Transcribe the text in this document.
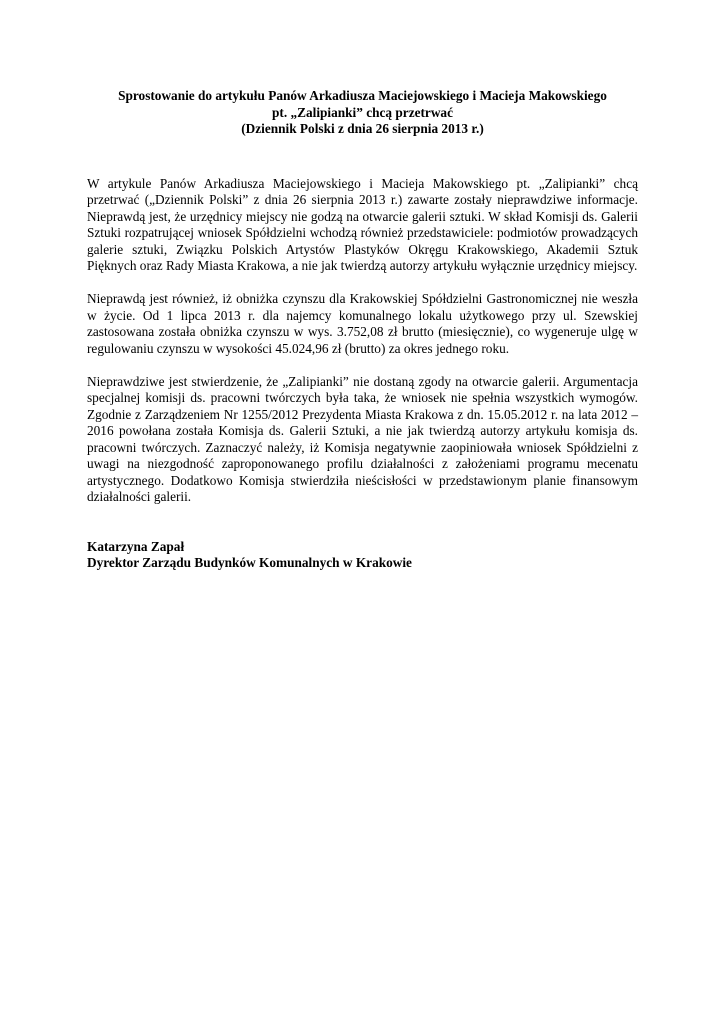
Sprostowanie do artykułu Panów Arkadiusza Maciejowskiego i Macieja Makowskiego
pt. „Zalipianki” chcą przetrwać
(Dziennik Polski z dnia 26 sierpnia 2013 r.)

W artykule Panów Arkadiusza Maciejowskiego i Macieja Makowskiego pt. „Zalipianki” chcą przetrwać („Dziennik Polski” z dnia 26 sierpnia 2013 r.) zawarte zostały nieprawdziwe informacje. Nieprawdą jest, że urzędnicy miejscy nie godzą na otwarcie galerii sztuki. W skład Komisji ds. Galerii Sztuki rozpatrującej wniosek Spółdzielni wchodzą również przedstawiciele: podmiotów prowadzących galerie sztuki, Związku Polskich Artystów Plastyków Okręgu Krakowskiego, Akademii Sztuk Pięknych oraz Rady Miasta Krakowa, a nie jak twierdzą autorzy artykułu wyłącznie urzędnicy miejscy.

Nieprawdą jest również, iż obniżka czynszu dla Krakowskiej Spółdzielni Gastronomicznej nie weszła w życie. Od 1 lipca 2013 r. dla najemcy komunalnego lokalu użytkowego przy ul. Szewskiej zastosowana została obniżka czynszu w wys. 3.752,08 zł brutto (miesięcznie), co wygeneruje ulgę w regulowaniu czynszu w wysokości 45.024,96 zł (brutto) za okres jednego roku.

Nieprawdziwe jest stwierdzenie, że „Zalipianki” nie dostaną zgody na otwarcie galerii. Argumentacja specjalnej komisji ds. pracowni twórczych była taka, że wniosek nie spełnia wszystkich wymogów. Zgodnie z Zarządzeniem Nr 1255/2012 Prezydenta Miasta Krakowa z dn. 15.05.2012 r. na lata 2012 – 2016 powołana została Komisja ds. Galerii Sztuki, a nie jak twierdzą autorzy artykułu komisja ds. pracowni twórczych. Zaznaczyć należy, iż Komisja negatywnie zaopiniowała wniosek Spółdzielni z uwagi na niezgodność zaproponowanego profilu działalności z założeniami programu mecenatu artystycznego. Dodatkowo Komisja stwierdziła nieścisłości w przedstawionym planie finansowym działalności galerii.

Katarzyna Zapał
Dyrektor Zarządu Budynków Komunalnych w Krakowie
